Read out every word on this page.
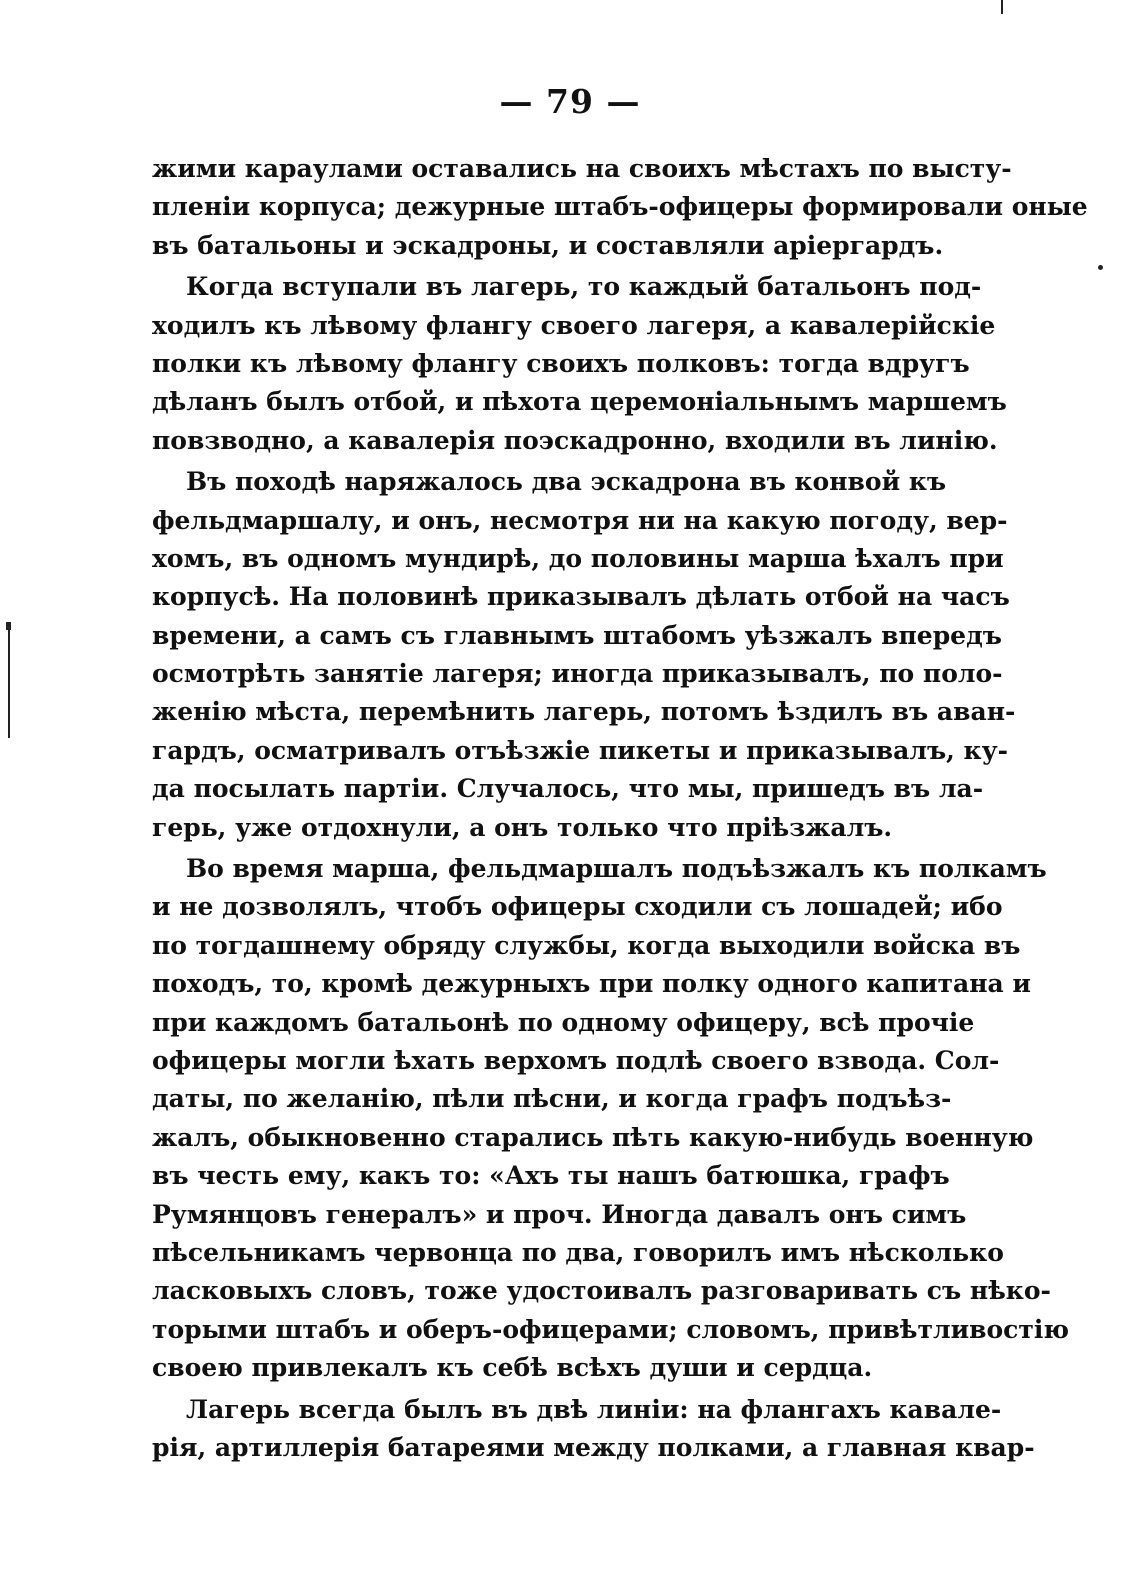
— 79 —
жими караулами оставались на своихъ мѣстахъ по высту-
пленіи корпуса; дежурные штабъ-офицеры формировали оные
въ батальоны и эскадроны, и составляли аріергардъ.
Когда вступали въ лагерь, то каждый батальонъ под-
ходилъ къ лѣвому флангу своего лагеря, а кавалерійскіе
полки къ лѣвому флангу своихъ полковъ: тогда вдругъ
дѣланъ былъ отбой, и пѣхота церемоніальнымъ маршемъ
повзводно, а кавалерія поэскадронно, входили въ линію.
Въ походѣ наряжалось два эскадрона въ конвой къ
фельдмаршалу, и онъ, несмотря ни на какую погоду, вер-
хомъ, въ одномъ мундирѣ, до половины марша ѣхалъ при
корпусѣ. На половинѣ приказывалъ дѣлать отбой на часъ
времени, а самъ съ главнымъ штабомъ уѣзжалъ впередъ
осмотрѣть занятіе лагеря; иногда приказывалъ, по поло-
женію мѣста, перемѣнить лагерь, потомъ ѣздилъ въ аван-
гардъ, осматривалъ отъѣзжіе пикеты и приказывалъ, ку-
да посылать партіи. Случалось, что мы, пришедъ въ ла-
герь, уже отдохнули, а онъ только что пріѣзжалъ.
Во время марша, фельдмаршалъ подъѣзжалъ къ полкамъ
и не дозволялъ, чтобъ офицеры сходили съ лошадей; ибо
по тогдашнему обряду службы, когда выходили войска въ
походъ, то, кромѣ дежурныхъ при полку одного капитана и
при каждомъ батальонѣ по одному офицеру, всѣ прочіе
офицеры могли ѣхать верхомъ подлѣ своего взвода. Сол-
даты, по желанію, пѣли пѣсни, и когда графъ подъѣз-
жалъ, обыкновенно старались пѣть какую-нибудь военную
въ честь ему, какъ то: «Ахъ ты нашъ батюшка, графъ
Румянцовъ генералъ» и проч. Иногда давалъ онъ симъ
пѣсельникамъ червонца по два, говорилъ имъ нѣсколько
ласковыхъ словъ, тоже удостоивалъ разговаривать съ нѣко-
торыми штабъ и оберъ-офицерами; словомъ, привѣтливостію
своею привлекалъ къ себѣ всѣхъ души и сердца.
Лагерь всегда былъ въ двѣ линіи: на флангахъ кавале-
рія, артиллерія батареями между полками, а главная квар-
